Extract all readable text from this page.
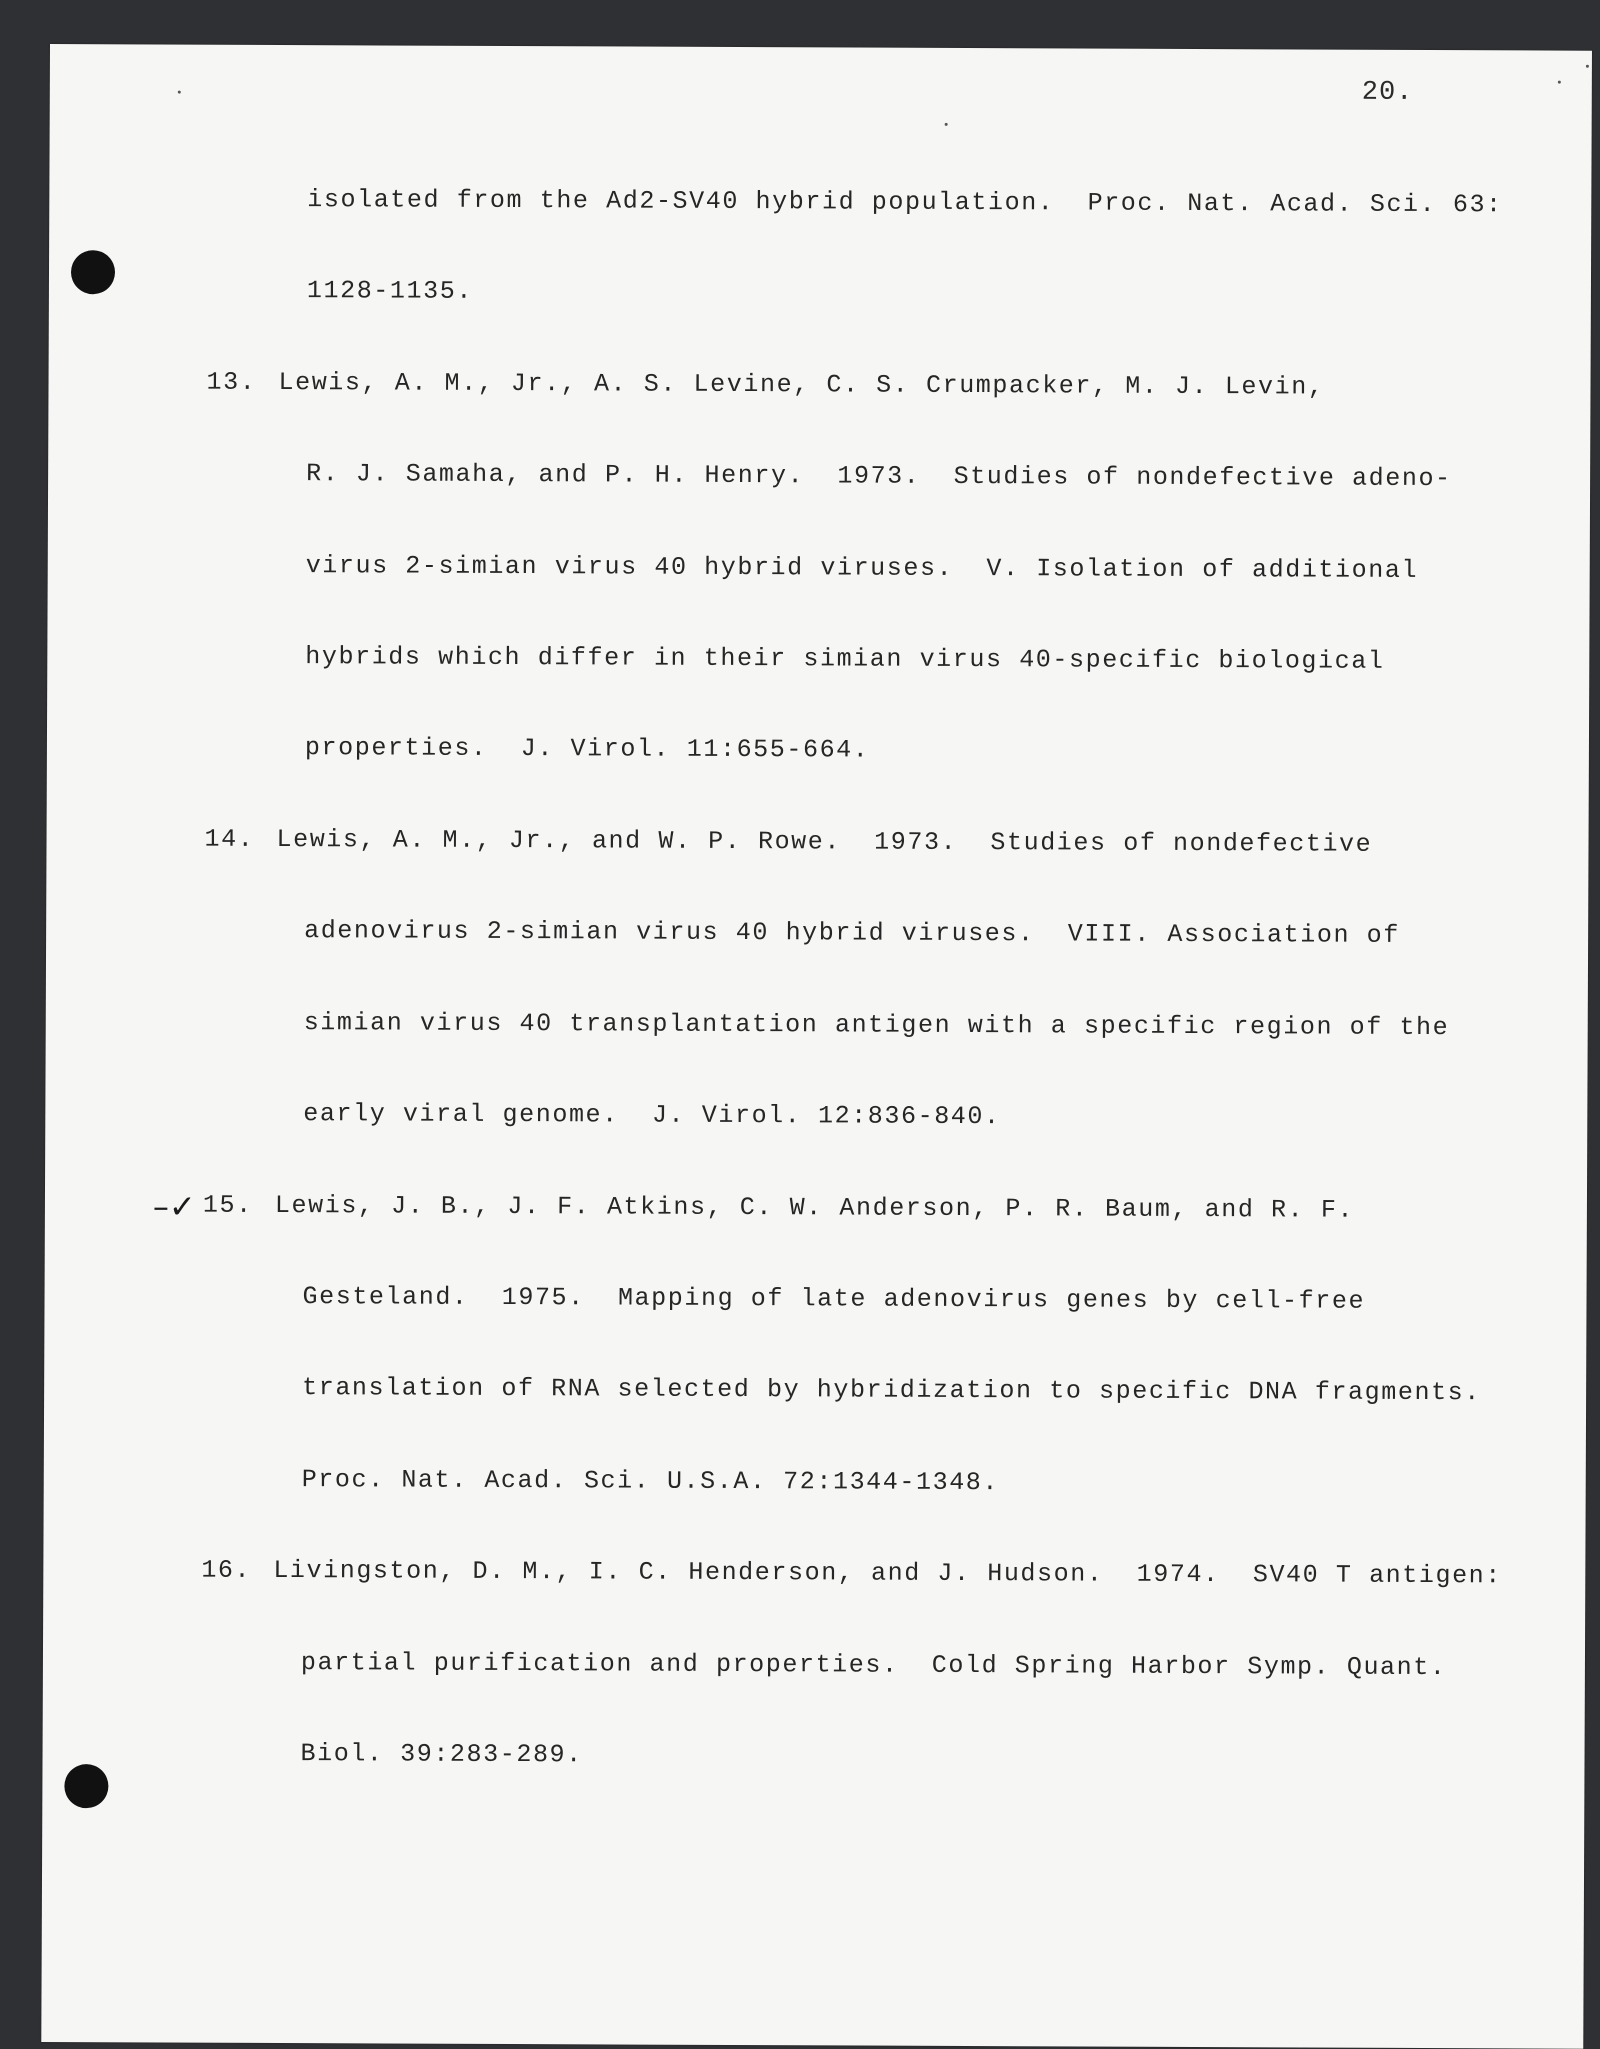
20.
–✓
isolated from the Ad2-SV40 hybrid population.  Proc. Nat. Acad. Sci. 63:
1128-1135.
13. Lewis, A. M., Jr., A. S. Levine, C. S. Crumpacker, M. J. Levin,
R. J. Samaha, and P. H. Henry.  1973.  Studies of nondefective adeno-
virus 2-simian virus 40 hybrid viruses.  V. Isolation of additional
hybrids which differ in their simian virus 40-specific biological
properties.  J. Virol. 11:655-664.
14. Lewis, A. M., Jr., and W. P. Rowe.  1973.  Studies of nondefective
adenovirus 2-simian virus 40 hybrid viruses.  VIII. Association of
simian virus 40 transplantation antigen with a specific region of the
early viral genome.  J. Virol. 12:836-840.
15. Lewis, J. B., J. F. Atkins, C. W. Anderson, P. R. Baum, and R. F.
Gesteland.  1975.  Mapping of late adenovirus genes by cell-free
translation of RNA selected by hybridization to specific DNA fragments.
Proc. Nat. Acad. Sci. U.S.A. 72:1344-1348.
16. Livingston, D. M., I. C. Henderson, and J. Hudson.  1974.  SV40 T antigen:
partial purification and properties.  Cold Spring Harbor Symp. Quant.
Biol. 39:283-289.
